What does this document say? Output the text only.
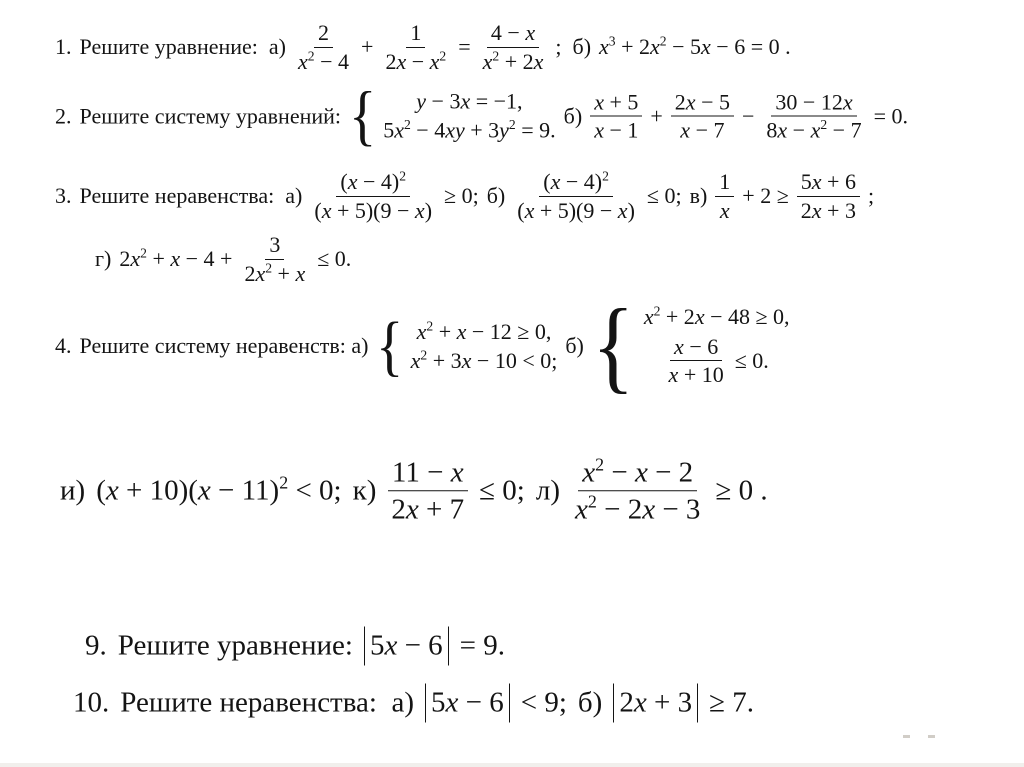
1. Решите уравнение:  $а) \frac{2}{x^2 - 4} + \frac{1}{2x - x^2} = \frac{4 - x}{x^2 + 2x}$ ;  б) $x^3 + 2x^2 - 5x - 6 = 0$ .
2. Решите систему уравнений: { y − 3x = −1,
$5x^2 - 4xy + 3y^2 = 9$.
$б) \frac{x + 5}{x - 1} + \frac{2x - 5}{x - 7} - \frac{30 - 12x}{8x - x^2 - 7} = 0$.
3. Решите неравенства:  $а) \frac{(x - 4)^2}{(x + 5)(9 - x)} \ge 0$; $б) \frac{(x - 4)^2}{(x + 5)(9 - x)} \le 0$; $в) \frac{1}{x} + 2 \ge \frac{5x + 6}{2x + 3}$ ;
г) $2x^2 + x - 4 + \frac{3}{2x^2 + x} \le 0$.
4. Решите систему неравенств: а) { $x^2 + x - 12 \ge 0$,
$x^2 + 3x - 10 < 0$;
б) { $x^2 + 2x - 48 \ge 0$,
$\frac{x - 6}{x + 10} \le 0$.
и) $(x + 10)(x - 11)^2 < 0$; $к) \frac{11 - x}{2x + 7} \le 0$; $л) \frac{x^2 - x - 2}{x^2 - 2x - 3} \ge 0$ .
9. Решите уравнение: 5 x − 6 = 9.
10. Решите неравенства:  а) 5 x − 6 < 9; б) 2 x + 3 ≥ 7.
